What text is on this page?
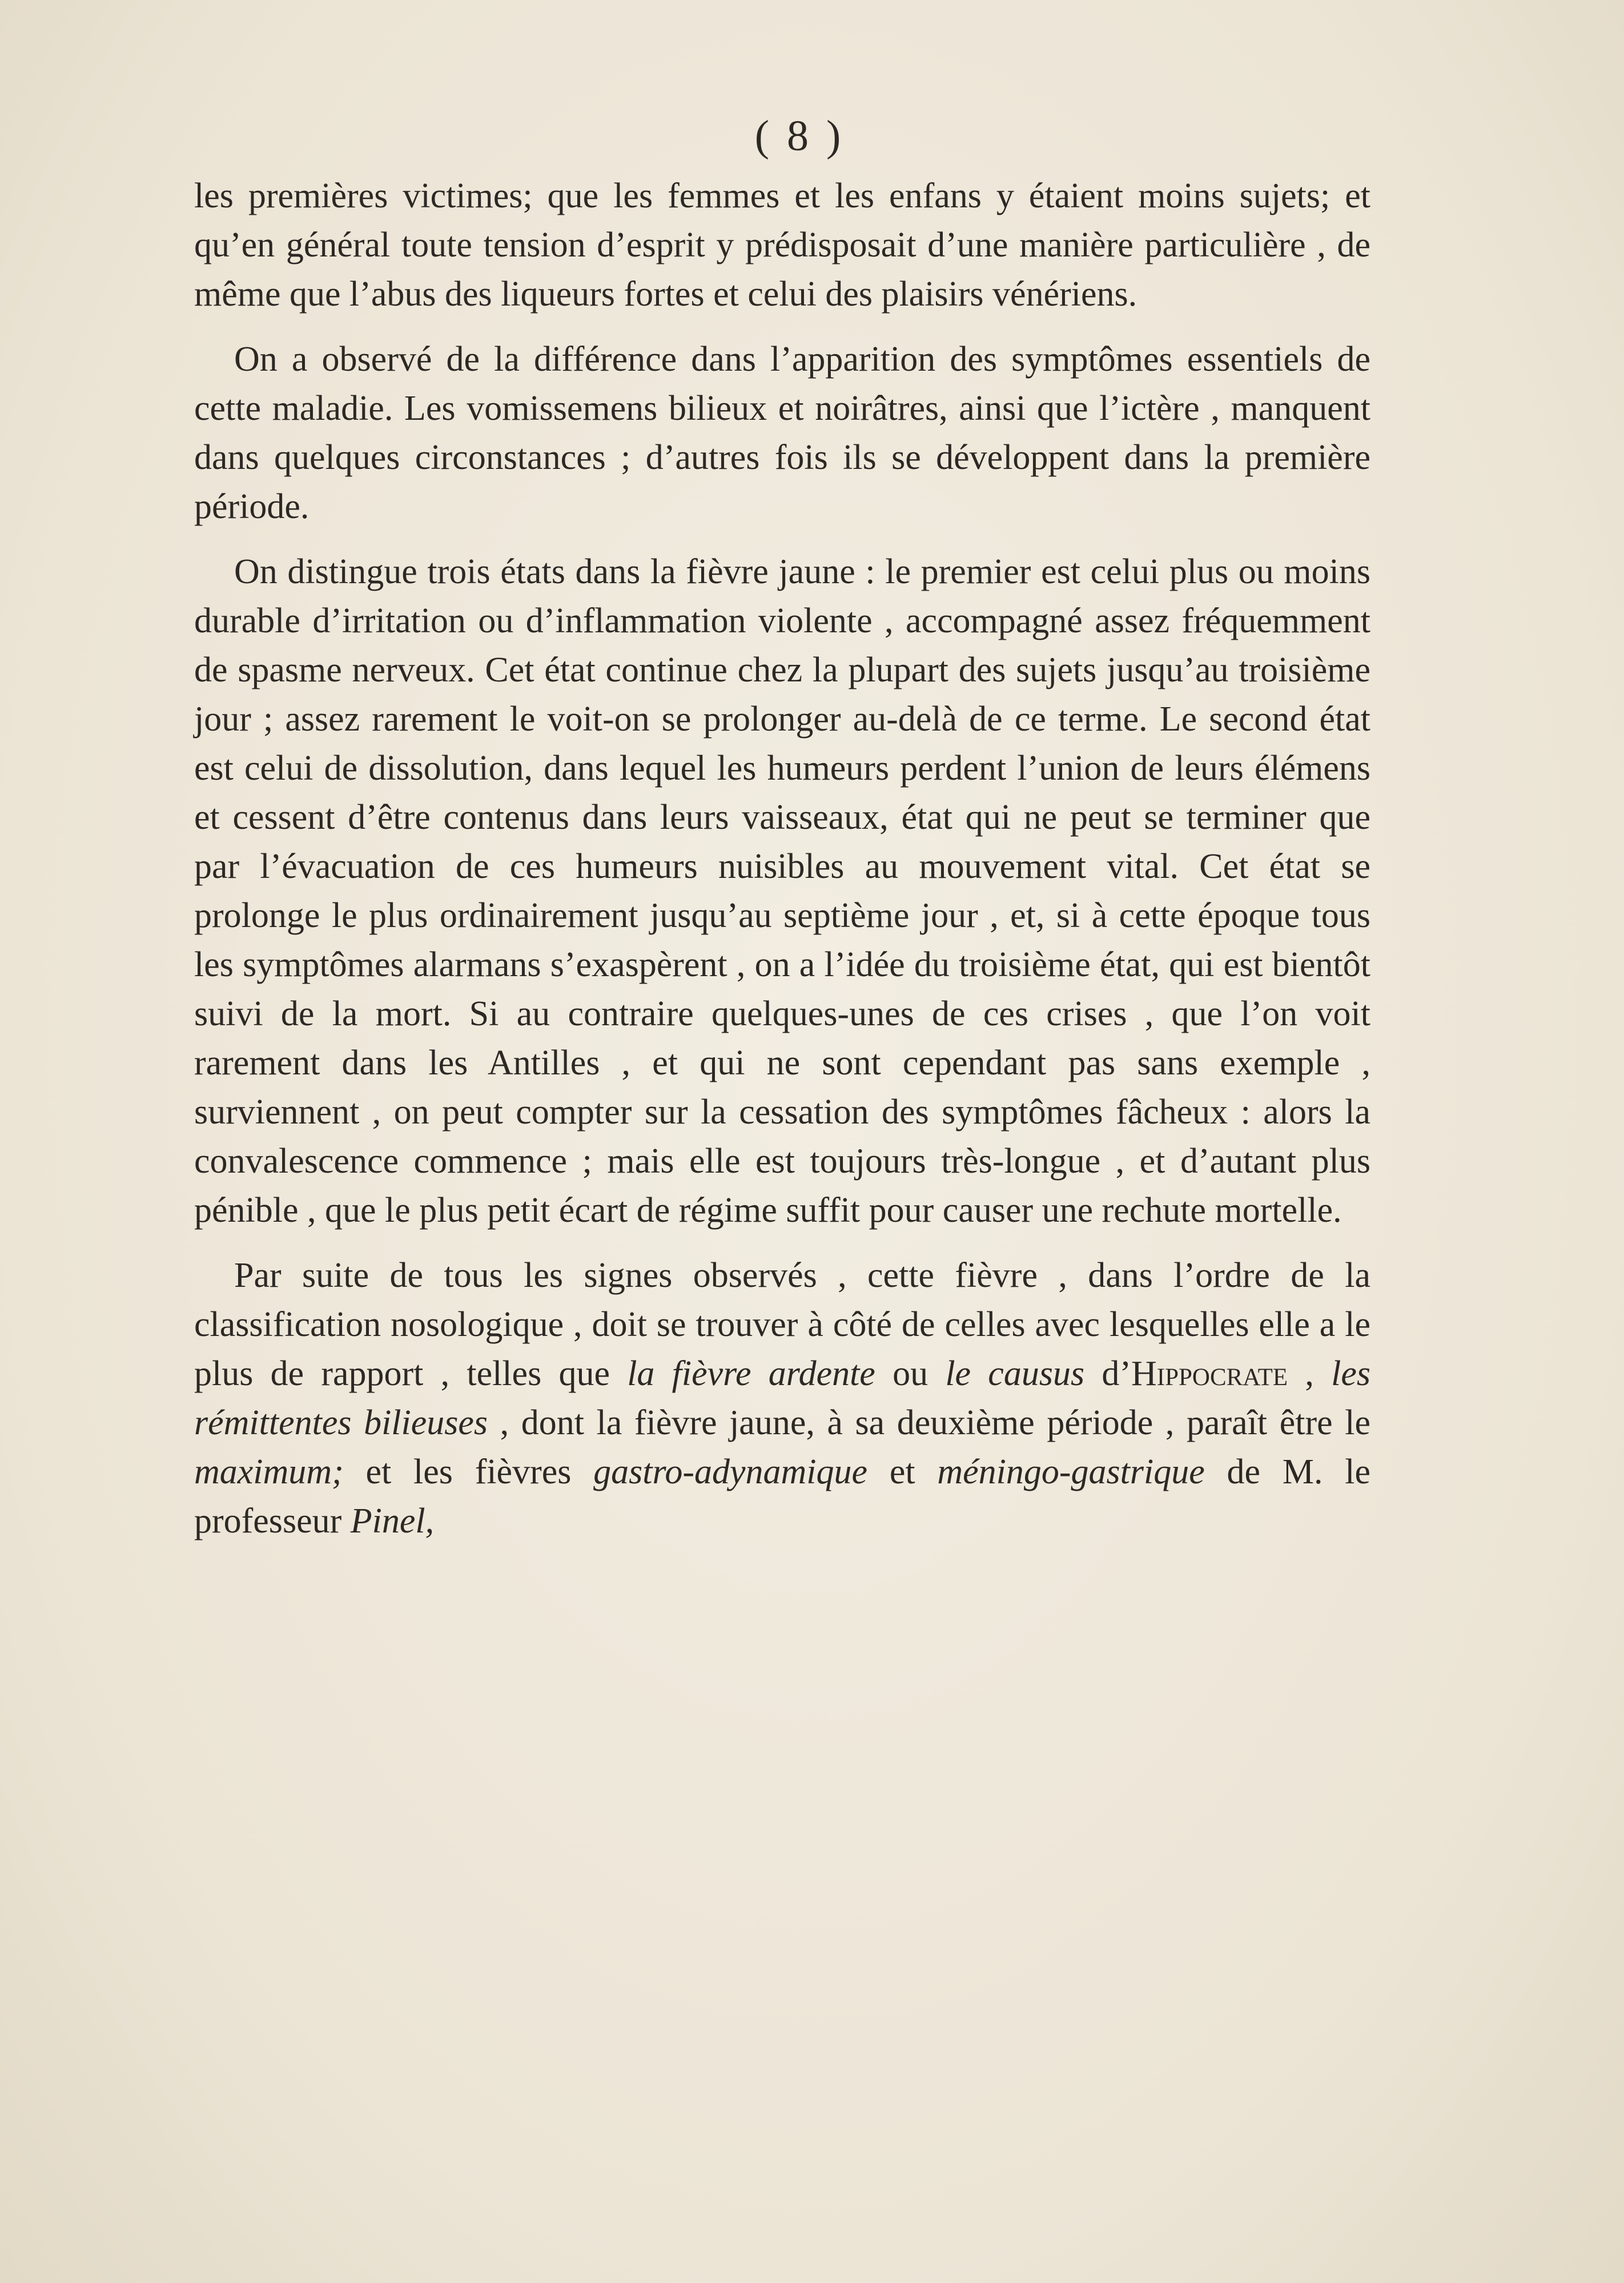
( 8 )

les premières victimes; que les femmes et les enfans y étaient moins sujets; et qu’en général toute tension d’esprit y prédisposait d’une manière particulière , de même que l’abus des liqueurs fortes et celui des plaisirs vénériens.

On a observé de la différence dans l’apparition des symptômes essentiels de cette maladie. Les vomissemens bilieux et noirâtres, ainsi que l’ictère , manquent dans quelques circonstances ; d’autres fois ils se développent dans la première période.

On distingue trois états dans la fièvre jaune : le premier est celui plus ou moins durable d’irritation ou d’inflammation violente , accompagné assez fréquemment de spasme nerveux. Cet état continue chez la plupart des sujets jusqu’au troisième jour ; assez rarement le voit-on se prolonger au-delà de ce terme. Le second état est celui de dissolution, dans lequel les humeurs perdent l’union de leurs élémens et cessent d’être contenus dans leurs vaisseaux, état qui ne peut se terminer que par l’évacuation de ces humeurs nuisibles au mouvement vital. Cet état se prolonge le plus ordinairement jusqu’au septième jour , et, si à cette époque tous les symptômes alarmans s’exaspèrent , on a l’idée du troisième état, qui est bientôt suivi de la mort. Si au contraire quelques-unes de ces crises , que l’on voit rarement dans les Antilles , et qui ne sont cependant pas sans exemple , surviennent , on peut compter sur la cessation des symptômes fâcheux : alors la convalescence commence ; mais elle est toujours très-longue , et d’autant plus pénible , que le plus petit écart de régime suffit pour causer une rechute mortelle.

Par suite de tous les signes observés , cette fièvre , dans l’ordre de la classification nosologique , doit se trouver à côté de celles avec lesquelles elle a le plus de rapport , telles que la fièvre ardente ou le causus d’Hippocrate , les rémittentes bilieuses , dont la fièvre jaune, à sa deuxième période , paraît être le maximum; et les fièvres gastro-adynamique et méningo-gastrique de M. le professeur Pinel,
